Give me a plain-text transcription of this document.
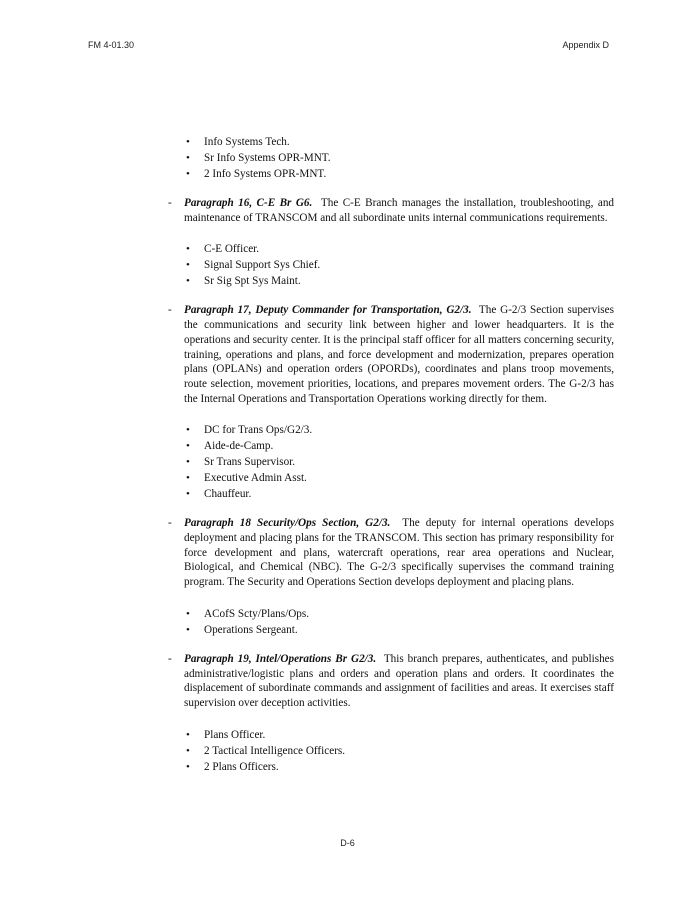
FM 4-01.30	Appendix D
• Info Systems Tech.
• Sr Info Systems OPR-MNT.
• 2 Info Systems OPR-MNT.
- Paragraph 16, C-E Br G6. The C-E Branch manages the installation, troubleshooting, and maintenance of TRANSCOM and all subordinate units internal communications requirements.
• C-E Officer.
• Signal Support Sys Chief.
• Sr Sig Spt Sys Maint.
- Paragraph 17, Deputy Commander for Transportation, G2/3. The G-2/3 Section supervises the communications and security link between higher and lower headquarters. It is the operations and security center. It is the principal staff officer for all matters concerning security, training, operations and plans, and force development and modernization, prepares operation plans (OPLANs) and operation orders (OPORDs), coordinates and plans troop movements, route selection, movement priorities, locations, and prepares movement orders. The G-2/3 has the Internal Operations and Transportation Operations working directly for them.
• DC for Trans Ops/G2/3.
• Aide-de-Camp.
• Sr Trans Supervisor.
• Executive Admin Asst.
• Chauffeur.
- Paragraph 18 Security/Ops Section, G2/3. The deputy for internal operations develops deployment and placing plans for the TRANSCOM. This section has primary responsibility for force development and plans, watercraft operations, rear area operations and Nuclear, Biological, and Chemical (NBC). The G-2/3 specifically supervises the command training program. The Security and Operations Section develops deployment and placing plans.
• ACofS Scty/Plans/Ops.
• Operations Sergeant.
- Paragraph 19, Intel/Operations Br G2/3. This branch prepares, authenticates, and publishes administrative/logistic plans and orders and operation plans and orders. It coordinates the displacement of subordinate commands and assignment of facilities and areas. It exercises staff supervision over deception activities.
• Plans Officer.
• 2 Tactical Intelligence Officers.
• 2 Plans Officers.
D-6
